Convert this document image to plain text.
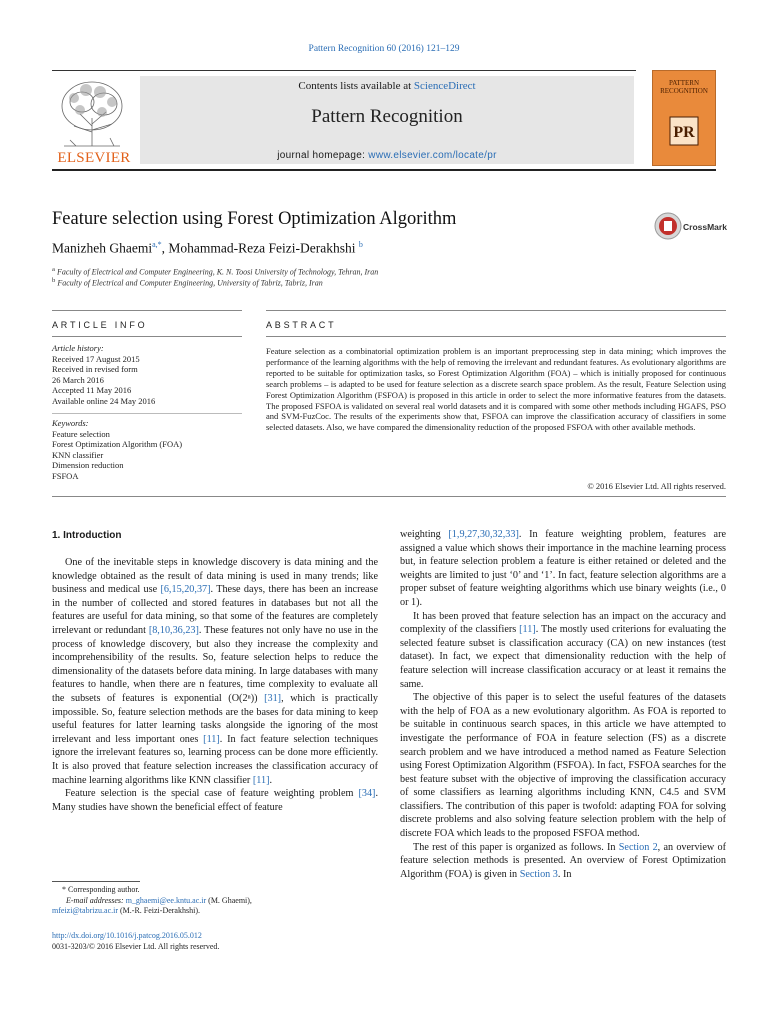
Pattern Recognition 60 (2016) 121–129
ELSEVIER
Contents lists available at ScienceDirect
Pattern Recognition
journal homepage: www.elsevier.com/locate/pr
PATTERN RECOGNITION
PR
Feature selection using Forest Optimization Algorithm	CrossMark
Manizheh Ghaemi$^{a,*}$, Mohammad-Reza Feizi-Derakhshi $^b$
$^a$ Faculty of Electrical and Computer Engineering, K. N. Toosi University of Technology, Tehran, Iran
$^b$ Faculty of Electrical and Computer Engineering, University of Tabriz, Tabriz, Iran
ARTICLE INFO	ABSTRACT
Article history:
Received 17 August 2015
Received in revised form
26 March 2016
Accepted 11 May 2016
Available online 24 May 2016
Keywords:
Feature selection
Forest Optimization Algorithm (FOA)
KNN classifier
Dimension reduction
FSFOA
Feature selection as a combinatorial optimization problem is an important preprocessing step in data mining; which improves the performance of the learning algorithms with the help of removing the irrelevant and redundant features. As evolutionary algorithms are reported to be suitable for optimization tasks, so Forest Optimization Algorithm (FOA) – which is initially proposed for continuous search problems – is adapted to be used for feature selection as a discrete search space problem. As the result, Feature Selection using Forest Optimization Algorithm (FSFOA) is proposed in this article in order to select the more informative features from the datasets. The proposed FSFOA is validated on several real world datasets and it is compared with some other methods including HGAFS, PSO and SVM-FuzCoc. The results of the experiments show that, FSFOA can improve the classification accuracy of classifiers in some selected datasets. Also, we have compared the dimensionality reduction of the proposed FSFOA with other available methods.
© 2016 Elsevier Ltd. All rights reserved.
1. Introduction

One of the inevitable steps in knowledge discovery is data mining and the knowledge obtained as the result of data mining is used in many trends; like business and medical use [6,15,20,37]. These days, there has been an increase in the number of collected and stored features in databases but not all the features are useful for data mining, so that some of the features are completely irrelevant or redundant [8,10,36,23]. These features not only have no use in the process of knowledge discovery, but also they increase the complexity and incomprehensibility of the results. So, feature selection helps to reduce the dimensionality of the datasets before data mining. In large databases with many features to handle, when there are n features, time complexity to evaluate all the subsets of features is exponential (O(2ⁿ)) [31], which is practically impossible. So, feature selection methods are the bases for data mining to keep useful features for latter learning tasks alongside the ignoring of the most irrelevant and less important ones [11]. In fact feature selection techniques ignore the irrelevant features so, learning process can be done more efficiently. It is also proved that feature selection increases the classification accuracy of machine learning algorithms like KNN classifier [11].

Feature selection is the special case of feature weighting problem [34]. Many studies have shown the beneficial effect of feature

weighting [1,9,27,30,32,33]. In feature weighting problem, features are assigned a value which shows their importance in the machine learning process but, in feature selection problem a feature is either retained or deleted and the weights are limited to just ‘0’ and ‘1’. In fact, feature selection algorithms are a proper subset of feature weighting algorithms which use binary weights (i.e., 0 or 1).

It has been proved that feature selection has an impact on the accuracy and complexity of the classifiers [11]. The mostly used criterions for evaluating the selected feature subset is classification accuracy (CA) on new instances (test dataset). In fact, we expect that dimensionality reduction with the help of feature selection will increase classification accuracy or at least it remains the same.

The objective of this paper is to select the useful features of the datasets with the help of FOA as a new evolutionary algorithm. As FOA is reported to be suitable in continuous search spaces, in this article we have attempted to investigate the performance of FOA in feature selection (FS) as a discrete search problem and we have introduced a method named as Feature Selection using Forest Optimization Algorithm (FSFOA). In fact, FSFOA searches for the best feature subset with the objective of improving the classification accuracy of some classifiers as learning algorithms including KNN, C4.5 and SVM classifiers. The contribution of this paper is twofold: adapting FOA for solving discrete problems and also solving feature selection problem with the help of discrete FOA which leads to the proposed FSFOA method.

The rest of this paper is organized as follows. In Section 2, an overview of feature selection methods is presented. An overview of Forest Optimization Algorithm (FOA) is given in Section 3. In

* Corresponding author.
E-mail addresses: m_ghaemi@ee.kntu.ac.ir (M. Ghaemi),
mfeizi@tabrizu.ac.ir (M.-R. Feizi-Derakhshi).
http://dx.doi.org/10.1016/j.patcog.2016.05.012
0031-3203/© 2016 Elsevier Ltd. All rights reserved.
